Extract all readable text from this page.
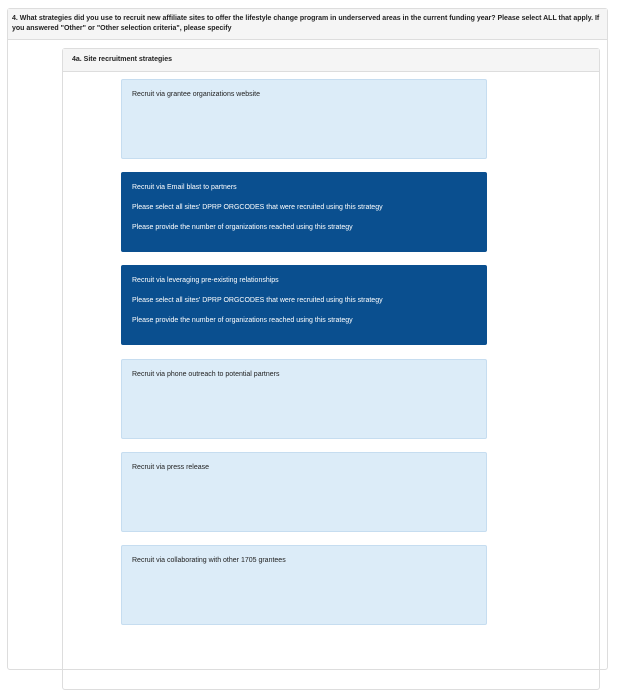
4. What strategies did you use to recruit new affiliate sites to offer the lifestyle change program in underserved areas in the current funding year? Please select ALL that apply. If you answered "Other" or "Other selection criteria", please specify
4a. Site recruitment strategies
Recruit via grantee organizations website
Recruit via Email blast to partners
Please select all sites' DPRP ORGCODES that were recruited using this strategy
Please provide the number of organizations reached using this strategy
Recruit via leveraging pre-existing relationships
Please select all sites' DPRP ORGCODES that were recruited using this strategy
Please provide the number of organizations reached using this strategy
Recruit via phone outreach to potential partners
Recruit via press release
Recruit via collaborating with other 1705 grantees
